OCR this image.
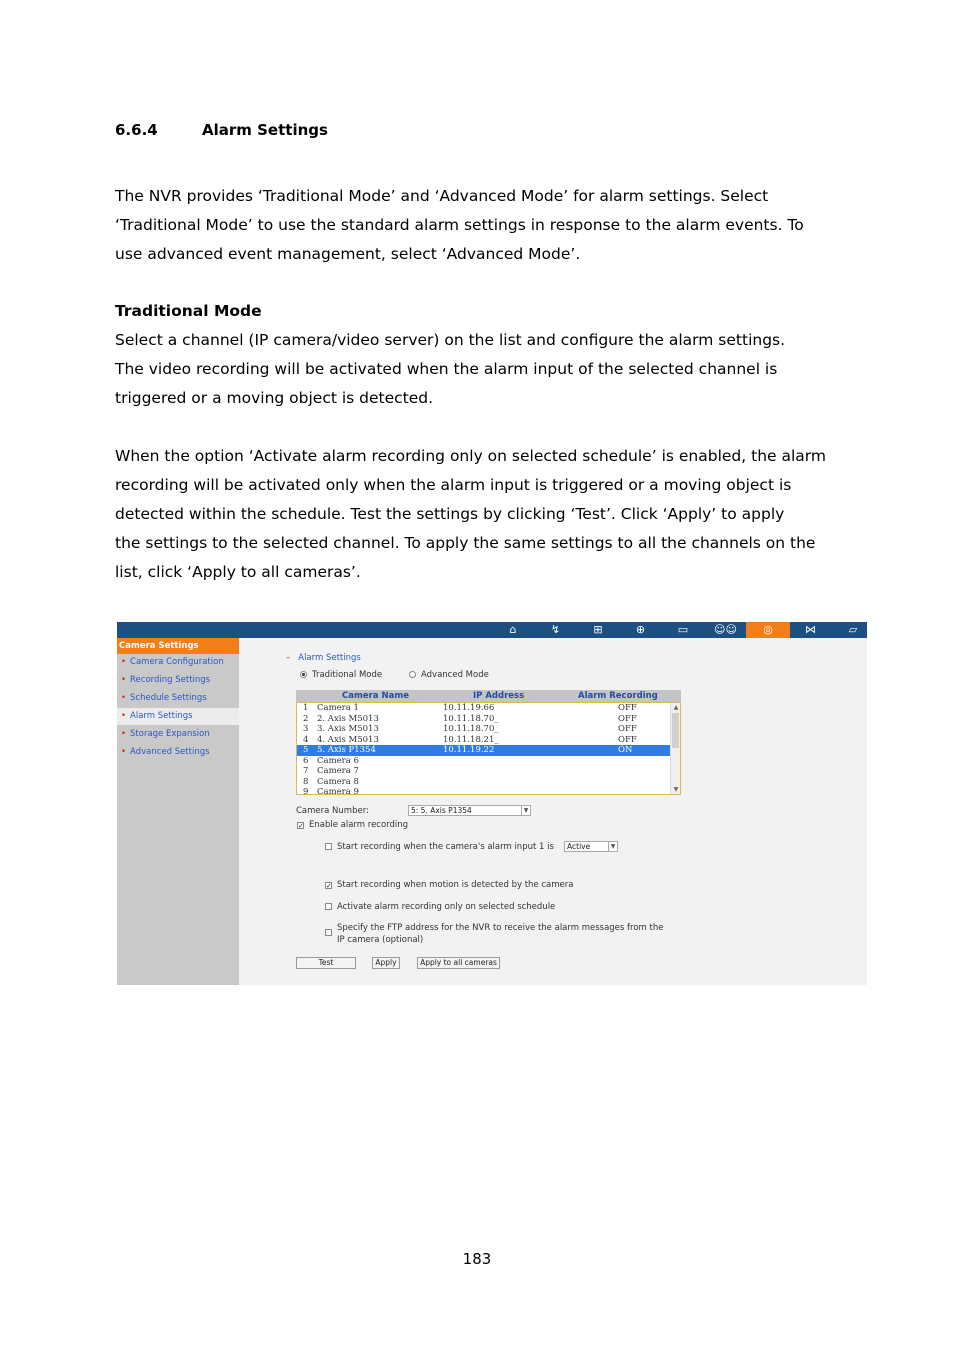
6.6.4	Alarm Settings
The NVR provides ‘Traditional Mode’ and ‘Advanced Mode’ for alarm settings. Select
‘Traditional Mode’ to use the standard alarm settings in response to the alarm events. To
use advanced event management, select ‘Advanced Mode’.
Traditional Mode
Select a channel (IP camera/video server) on the list and configure the alarm settings.
The video recording will be activated when the alarm input of the selected channel is
triggered or a moving object is detected.
When the option ‘Activate alarm recording only on selected schedule’ is enabled, the alarm
recording will be activated only when the alarm input is triggered or a moving object is
detected within the schedule. Test the settings by clicking ‘Test’. Click ‘Apply’ to apply
the settings to the selected channel. To apply the same settings to all the channels on the
list, click ‘Apply to all cameras’.
⌂	↯	⊞	⊕	▭	☺☺	◎	⋈	▱
Camera Settings
• Camera Configuration
• Recording Settings
• Schedule Settings
• Alarm Settings
• Storage Expansion
• Advanced Settings
– Alarm Settings
Traditional Mode	Advanced Mode
Camera Name	IP Address	Alarm Recording
▲
▼
1 Camera 1	10.11.19.66	OFF
2 2. Axis M5013	10.11.18.70_	OFF
3 3. Axis M5013	10.11.18.70_	OFF
4 4. Axis M5013	10.11.18.21_	OFF
5 5. Axis P1354	10.11.19.22	ON
6 Camera 6
7 Camera 7
8 Camera 8
9 Camera 9
Camera Number:	5: 5. Axis P1354	▼
✓ Enable alarm recording
Start recording when the camera's alarm input 1 is	Active	▼
✓ Start recording when motion is detected by the camera
Activate alarm recording only on selected schedule
Specify the FTP address for the NVR to receive the alarm messages from the
IP camera (optional)
Test	Apply	Apply to all cameras
183
